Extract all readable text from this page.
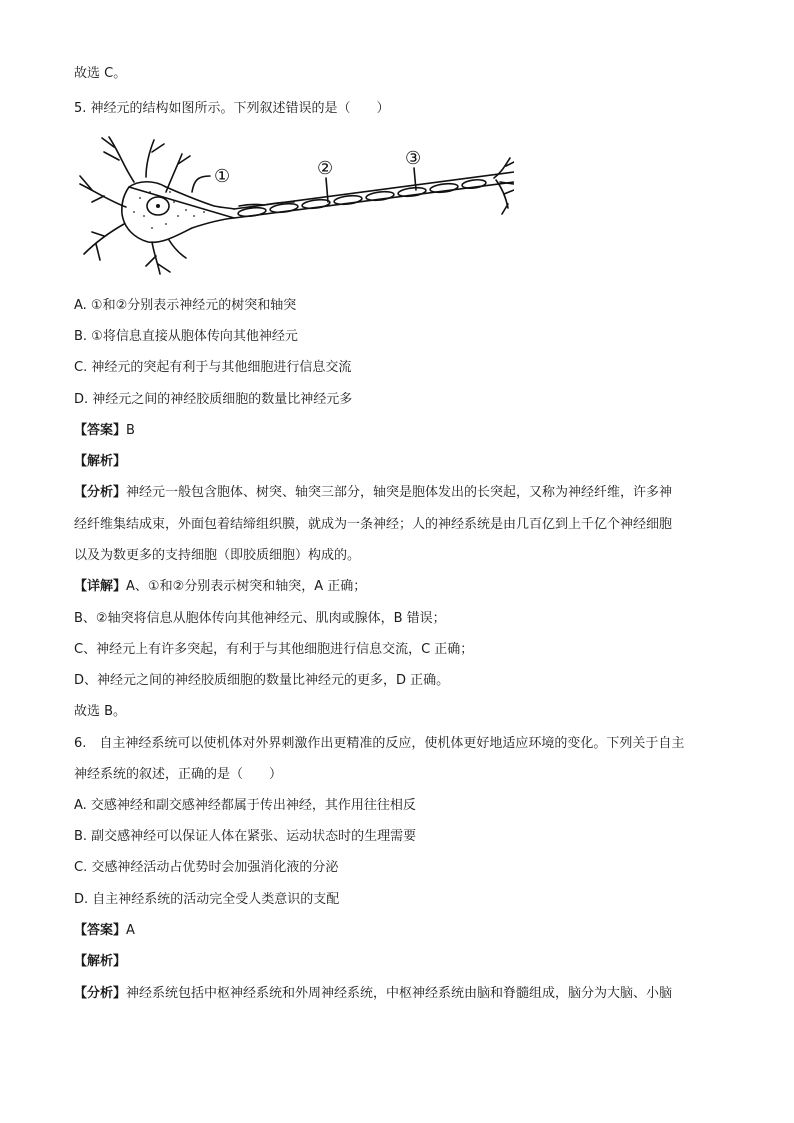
故选 C。
5. 神经元的结构如图所示。下列叙述错误的是（　　）
①	②	③
A. ①和②分别表示神经元的树突和轴突
B. ①将信息直接从胞体传向其他神经元
C. 神经元的突起有利于与其他细胞进行信息交流
D. 神经元之间的神经胶质细胞的数量比神经元多
【答案】B
【解析】
【分析】神经元一般包含胞体、树突、轴突三部分，轴突是胞体发出的长突起，又称为神经纤维，许多神
经纤维集结成束，外面包着结缔组织膜，就成为一条神经；人的神经系统是由几百亿到上千亿个神经细胞
以及为数更多的支持细胞（即胶质细胞）构成的。
【详解】A、①和②分别表示树突和轴突，A 正确；
B、②轴突将信息从胞体传向其他神经元、肌肉或腺体，B 错误；
C、神经元上有许多突起，有利于与其他细胞进行信息交流，C 正确；
D、神经元之间的神经胶质细胞的数量比神经元的更多，D 正确。
故选 B。
6.　自主神经系统可以使机体对外界刺激作出更精准的反应，使机体更好地适应环境的变化。下列关于自主
神经系统的叙述，正确的是（　　）
A. 交感神经和副交感神经都属于传出神经，其作用往往相反
B. 副交感神经可以保证人体在紧张、运动状态时的生理需要
C. 交感神经活动占优势时会加强消化液的分泌
D. 自主神经系统的活动完全受人类意识的支配
【答案】A
【解析】
【分析】神经系统包括中枢神经系统和外周神经系统，中枢神经系统由脑和脊髓组成，脑分为大脑、小脑
